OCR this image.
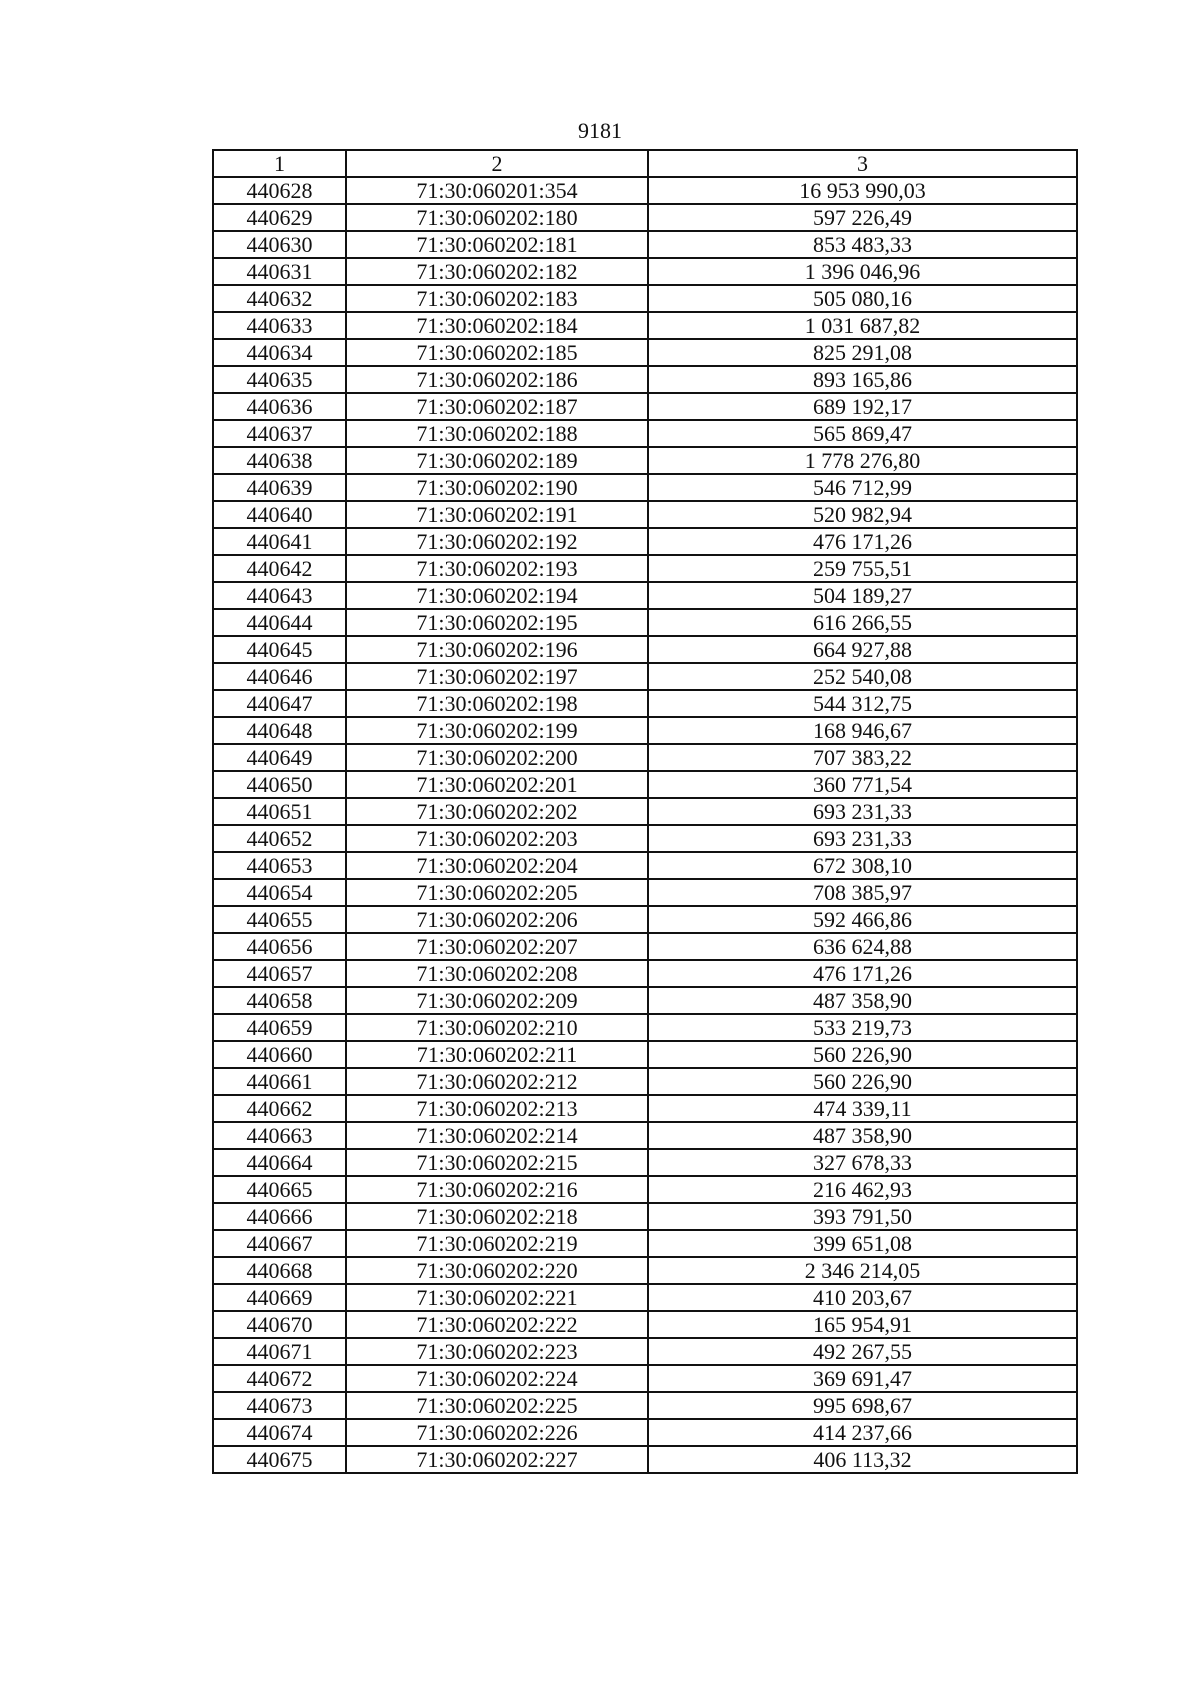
9181
1	2	3
440628	71:30:060201:354	16 953 990,03
440629	71:30:060202:180	597 226,49
440630	71:30:060202:181	853 483,33
440631	71:30:060202:182	1 396 046,96
440632	71:30:060202:183	505 080,16
440633	71:30:060202:184	1 031 687,82
440634	71:30:060202:185	825 291,08
440635	71:30:060202:186	893 165,86
440636	71:30:060202:187	689 192,17
440637	71:30:060202:188	565 869,47
440638	71:30:060202:189	1 778 276,80
440639	71:30:060202:190	546 712,99
440640	71:30:060202:191	520 982,94
440641	71:30:060202:192	476 171,26
440642	71:30:060202:193	259 755,51
440643	71:30:060202:194	504 189,27
440644	71:30:060202:195	616 266,55
440645	71:30:060202:196	664 927,88
440646	71:30:060202:197	252 540,08
440647	71:30:060202:198	544 312,75
440648	71:30:060202:199	168 946,67
440649	71:30:060202:200	707 383,22
440650	71:30:060202:201	360 771,54
440651	71:30:060202:202	693 231,33
440652	71:30:060202:203	693 231,33
440653	71:30:060202:204	672 308,10
440654	71:30:060202:205	708 385,97
440655	71:30:060202:206	592 466,86
440656	71:30:060202:207	636 624,88
440657	71:30:060202:208	476 171,26
440658	71:30:060202:209	487 358,90
440659	71:30:060202:210	533 219,73
440660	71:30:060202:211	560 226,90
440661	71:30:060202:212	560 226,90
440662	71:30:060202:213	474 339,11
440663	71:30:060202:214	487 358,90
440664	71:30:060202:215	327 678,33
440665	71:30:060202:216	216 462,93
440666	71:30:060202:218	393 791,50
440667	71:30:060202:219	399 651,08
440668	71:30:060202:220	2 346 214,05
440669	71:30:060202:221	410 203,67
440670	71:30:060202:222	165 954,91
440671	71:30:060202:223	492 267,55
440672	71:30:060202:224	369 691,47
440673	71:30:060202:225	995 698,67
440674	71:30:060202:226	414 237,66
440675	71:30:060202:227	406 113,32
